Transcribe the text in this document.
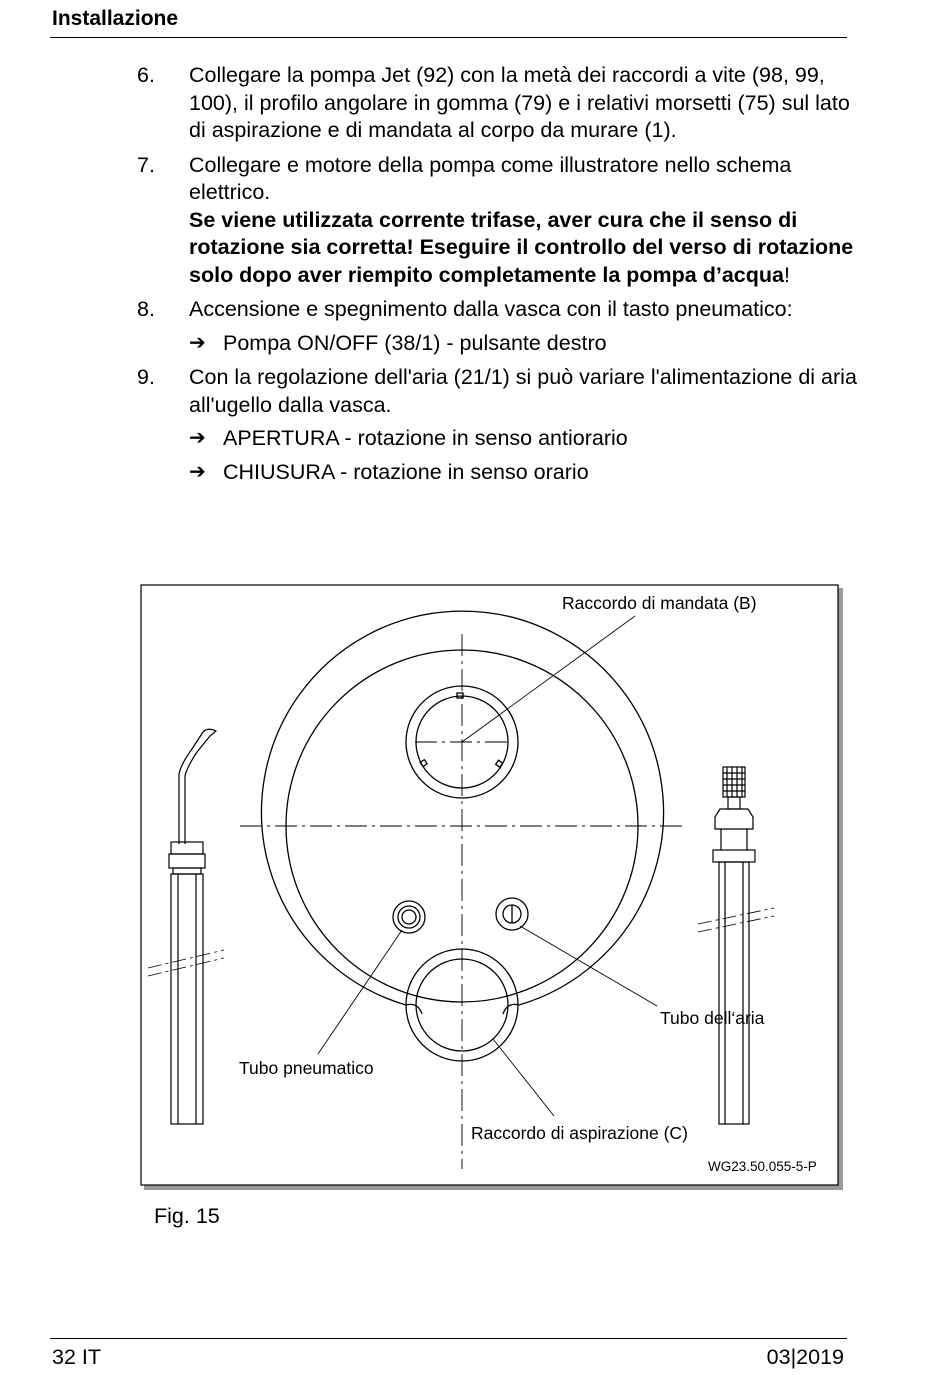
Installazione
6. Collegare la pompa Jet (92) con la metà dei raccordi a vite (98, 99, 100), il profilo angolare in gomma (79) e i relativi morsetti (75) sul lato di aspirazione e di mandata al corpo da murare (1).

7. Collegare e motore della pompa come illustratore nello schema elettrico.

Se viene utilizzata corrente trifase, aver cura che il senso di rotazione sia corretta! Eseguire il controllo del verso di rotazione solo dopo aver riempito completamente la pompa d’acqua!

8. Accensione e spegnimento dalla vasca con il tasto pneumatico:

➔ Pompa ON/OFF (38/1) - pulsante destro
9. Con la regolazione dell'aria (21/1) si può variare l'alimentazione di aria all'ugello dalla vasca.

➔ APERTURA - rotazione in senso antiorario
➔ CHIUSURA - rotazione in senso orario
Raccordo di mandata (B)
Tubo dell‘aria
Tubo pneumatico
Raccordo di aspirazione (C)
WG23.50.055-5-P
Fig. 15
32 IT	03|2019
